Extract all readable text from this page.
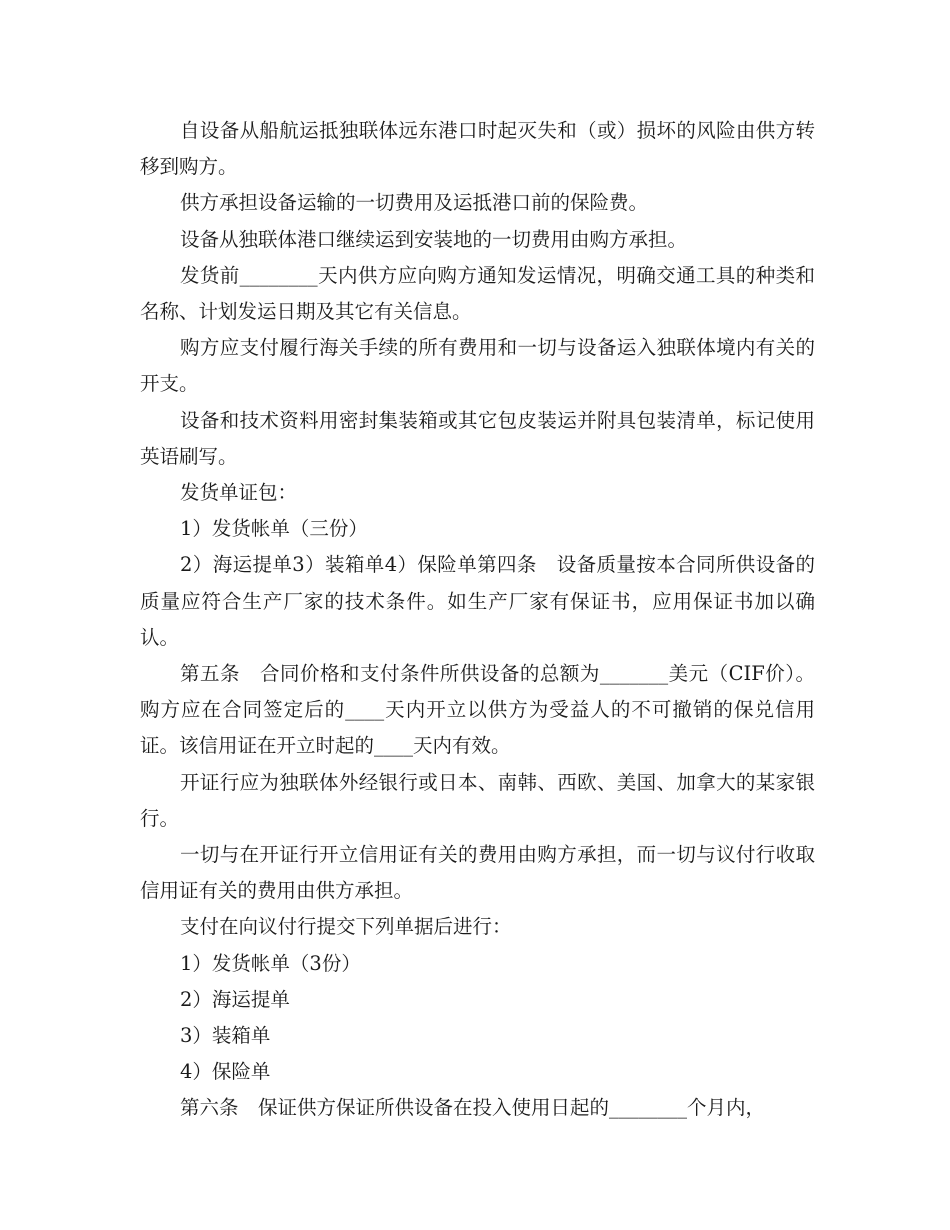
自设备从船航运抵独联体远东港口时起灭失和（或）损坏的风险由供方转移到购方。

供方承担设备运输的一切费用及运抵港口前的保险费。

设备从独联体港口继续运到安装地的一切费用由购方承担。

发货前________天内供方应向购方通知发运情况，明确交通工具的种类和名称、计划发运日期及其它有关信息。

购方应支付履行海关手续的所有费用和一切与设备运入独联体境内有关的开支。

设备和技术资料用密封集装箱或其它包皮装运并附具包装清单，标记使用英语刷写。

发货单证包：

1）发货帐单（三份）

2）海运提单3）装箱单4）保险单第四条　设备质量按本合同所供设备的质量应符合生产厂家的技术条件。如生产厂家有保证书，应用保证书加以确认。

第五条　合同价格和支付条件所供设备的总额为_______美元（CIF价）。购方应在合同签定后的____天内开立以供方为受益人的不可撤销的保兑信用证。该信用证在开立时起的____天内有效。

开证行应为独联体外经银行或日本、南韩、西欧、美国、加拿大的某家银行。

一切与在开证行开立信用证有关的费用由购方承担，而一切与议付行收取信用证有关的费用由供方承担。

支付在向议付行提交下列单据后进行：

1）发货帐单（3份）

2）海运提单

3）装箱单

4）保险单

第六条　保证供方保证所供设备在投入使用日起的________个月内，
